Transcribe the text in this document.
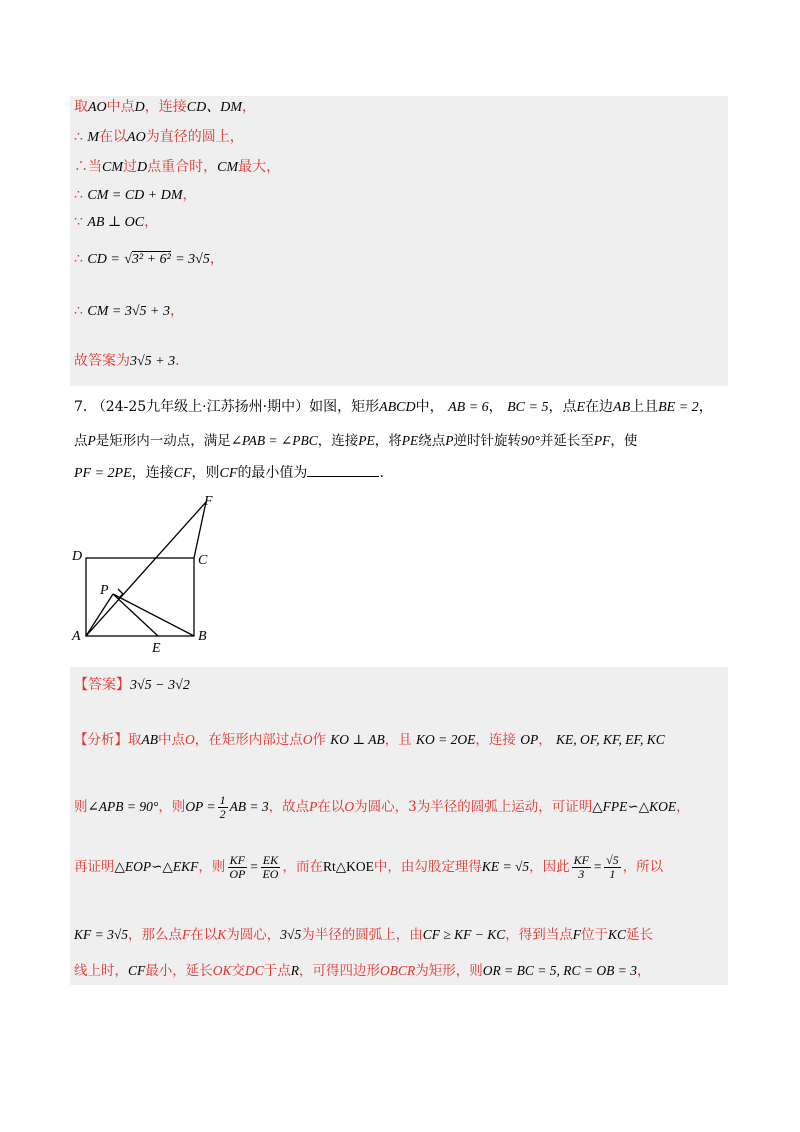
取AO中点D，连接CD、DM，
∴ M在以AO为直径的圆上，
∴当CM过D点重合时，CM最大，
∴ CM = CD + DM，
∵ AB ⊥ OC，
∴ CD = √3² + 6² = 3√5，
∴ CM = 3√5 + 3，
故答案为3√5 + 3.
7. （24-25九年级上·江苏扬州·期中）如图，矩形ABCD中， AB = 6， BC = 5，点E在边AB上且BE = 2，
点P是矩形内一动点，满足∠PAB = ∠PBC，连接PE，将PE绕点P逆时针旋转90°并延长至PF，使
PF = 2PE，连接CF，则CF的最小值为	.
D	C
A	B
E
F
P
【答案】3√5 − 3√2
【分析】取AB中点O，在矩形内部过点O作 KO ⊥ AB，且 KO = 2OE，连接 OP， KE, OF, KF, EF, KC
则∠APB = 90°，则OP = $\frac{1}{2}$ AB = 3，故点P在以O为圆心，3为半径的圆弧上运动，可证明△FPE∽△KOE，
再证明△EOP∽△EKF，则 $\frac{KF}{OP} = \frac{EK}{EO}$ ，而在Rt△KOE中，由勾股定理得KE = √5，因此 $\frac{KF}{3} = \frac{√5}{1}$ ，所以
KF = 3√5，那么点F在以K为圆心，3√5为半径的圆弧上，由CF ≥ KF − KC，得到当点F位于KC延长
线上时，CF最小，延长OK交DC于点R，可得四边形OBCR为矩形，则OR = BC = 5, RC = OB = 3，
